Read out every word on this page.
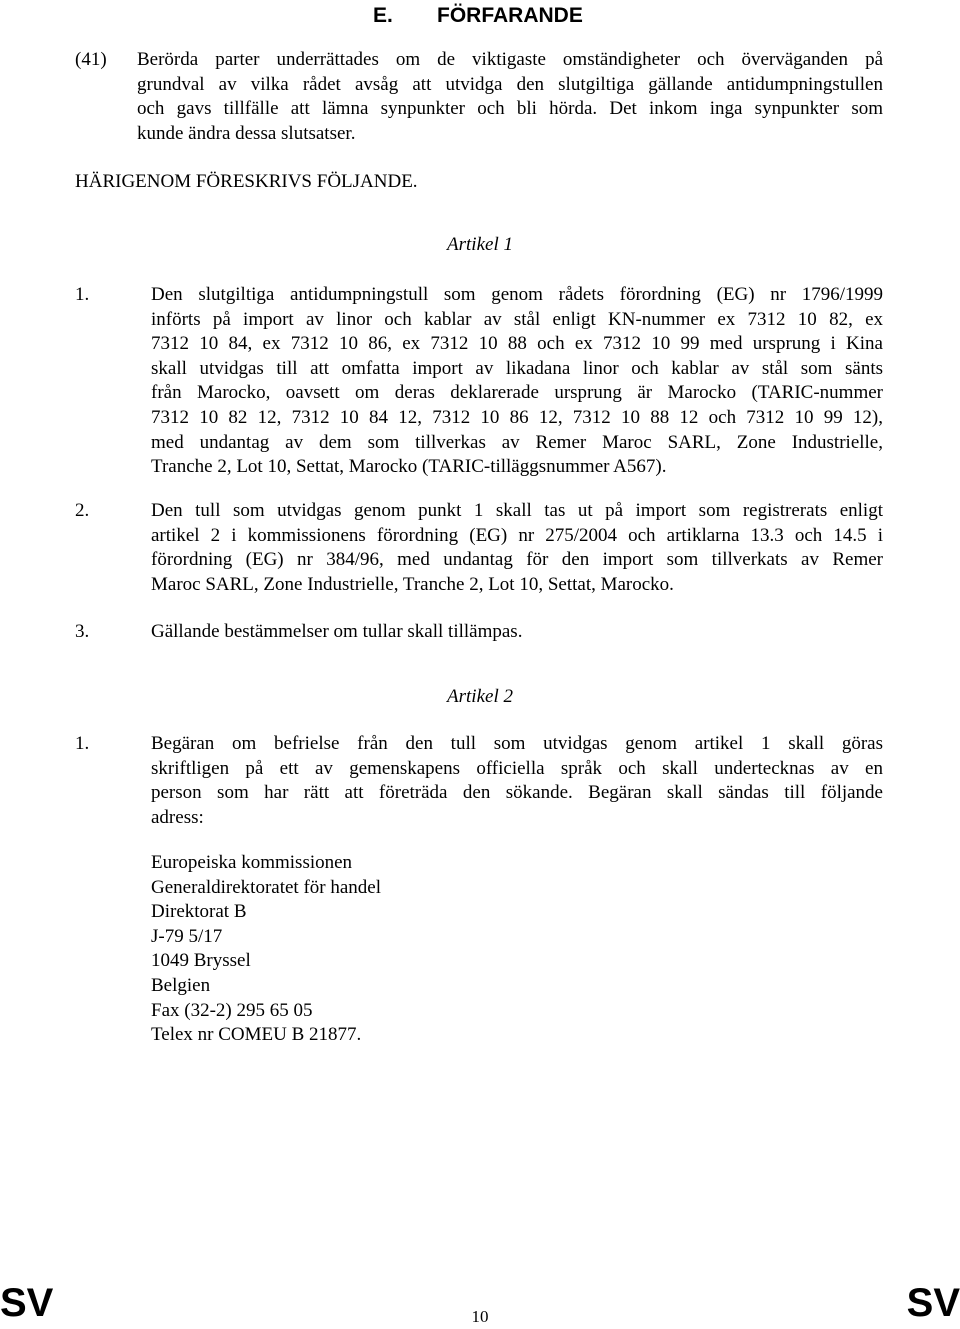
E. FÖRFARANDE
(41) Berörda parter underrättades om de viktigaste omständigheter och överväganden på
grundval av vilka rådet avsåg att utvidga den slutgiltiga gällande antidumpningstullen
och gavs tillfälle att lämna synpunkter och bli hörda. Det inkom inga synpunkter som
kunde ändra dessa slutsatser.
HÄRIGENOM FÖRESKRIVS FÖLJANDE.
Artikel 1
1.	Den slutgiltiga antidumpningstull som genom rådets förordning (EG) nr 1796/1999
införts på import av linor och kablar av stål enligt KN-nummer ex 7312 10 82, ex
7312 10 84, ex 7312 10 86, ex 7312 10 88 och ex 7312 10 99 med ursprung i Kina
skall utvidgas till att omfatta import av likadana linor och kablar av stål som sänts
från Marocko, oavsett om deras deklarerade ursprung är Marocko (TARIC-nummer
7312 10 82 12, 7312 10 84 12, 7312 10 86 12, 7312 10 88 12 och 7312 10 99 12),
med undantag av dem som tillverkas av Remer Maroc SARL, Zone Industrielle,
Tranche 2, Lot 10, Settat, Marocko (TARIC-tilläggsnummer A567).
2.	Den tull som utvidgas genom punkt 1 skall tas ut på import som registrerats enligt
artikel 2 i kommissionens förordning (EG) nr 275/2004 och artiklarna 13.3 och 14.5 i
förordning (EG) nr 384/96, med undantag för den import som tillverkats av Remer
Maroc SARL, Zone Industrielle, Tranche 2, Lot 10, Settat, Marocko.
3.	Gällande bestämmelser om tullar skall tillämpas.
Artikel 2
1.	Begäran om befrielse från den tull som utvidgas genom artikel 1 skall göras
skriftligen på ett av gemenskapens officiella språk och skall undertecknas av en
person som har rätt att företräda den sökande. Begäran skall sändas till följande
adress:
Europeiska kommissionen
Generaldirektoratet för handel
Direktorat B
J-79 5/17
1049 Bryssel
Belgien
Fax (32-2) 295 65 05
Telex nr COMEU B 21877.
SV	10	SV
